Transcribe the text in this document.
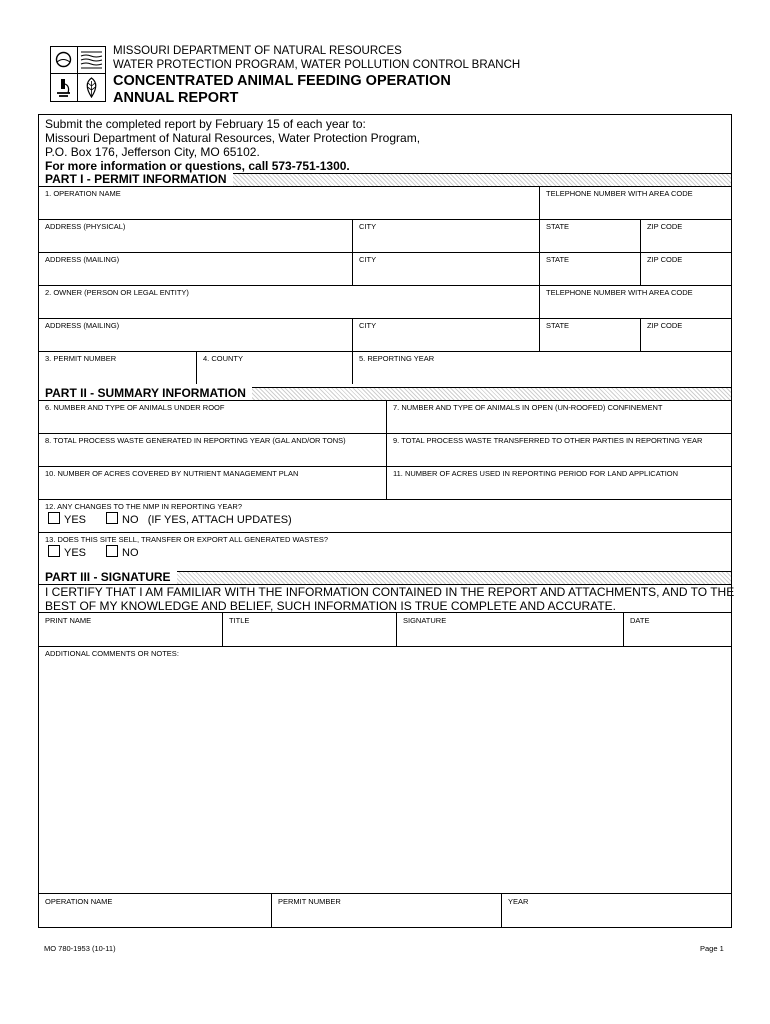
MISSOURI DEPARTMENT OF NATURAL RESOURCES
WATER PROTECTION PROGRAM, WATER POLLUTION CONTROL BRANCH
CONCENTRATED ANIMAL FEEDING OPERATION
ANNUAL REPORT
Submit the completed report by February 15 of each year to:
Missouri Department of Natural Resources, Water Protection Program,
P.O. Box 176, Jefferson City, MO 65102.
For more information or questions, call 573-751-1300.
PART I - PERMIT INFORMATION
1. OPERATION NAME	TELEPHONE NUMBER WITH AREA CODE
ADDRESS (PHYSICAL)	CITY	STATE	ZIP CODE
ADDRESS (MAILING)	CITY	STATE	ZIP CODE
2. OWNER (PERSON OR LEGAL ENTITY)	TELEPHONE NUMBER WITH AREA CODE
ADDRESS (MAILING)	CITY	STATE	ZIP CODE
3. PERMIT NUMBER	4. COUNTY	5. REPORTING YEAR
PART II - SUMMARY INFORMATION
6. NUMBER AND TYPE OF ANIMALS UNDER ROOF	7. NUMBER AND TYPE OF ANIMALS IN OPEN (UN-ROOFED) CONFINEMENT
8. TOTAL PROCESS WASTE GENERATED IN REPORTING YEAR (GAL AND/OR TONS)	9. TOTAL PROCESS WASTE TRANSFERRED TO OTHER PARTIES IN REPORTING YEAR
10. NUMBER OF ACRES COVERED BY NUTRIENT MANAGEMENT PLAN	11. NUMBER OF ACRES USED IN REPORTING PERIOD FOR LAND APPLICATION
12. ANY CHANGES TO THE NMP IN REPORTING YEAR?
YES	NO (IF YES, ATTACH UPDATES)
13. DOES THIS SITE SELL, TRANSFER OR EXPORT ALL GENERATED WASTES?
YES	NO
PART III - SIGNATURE
I CERTIFY THAT I AM FAMILIAR WITH THE INFORMATION CONTAINED IN THE REPORT AND ATTACHMENTS, AND TO THE
BEST OF MY KNOWLEDGE AND BELIEF, SUCH INFORMATION IS TRUE COMPLETE AND ACCURATE.
PRINT NAME	TITLE	SIGNATURE	DATE
ADDITIONAL COMMENTS OR NOTES:
OPERATION NAME	PERMIT NUMBER	YEAR
MO 780-1953 (10-11)	Page 1
